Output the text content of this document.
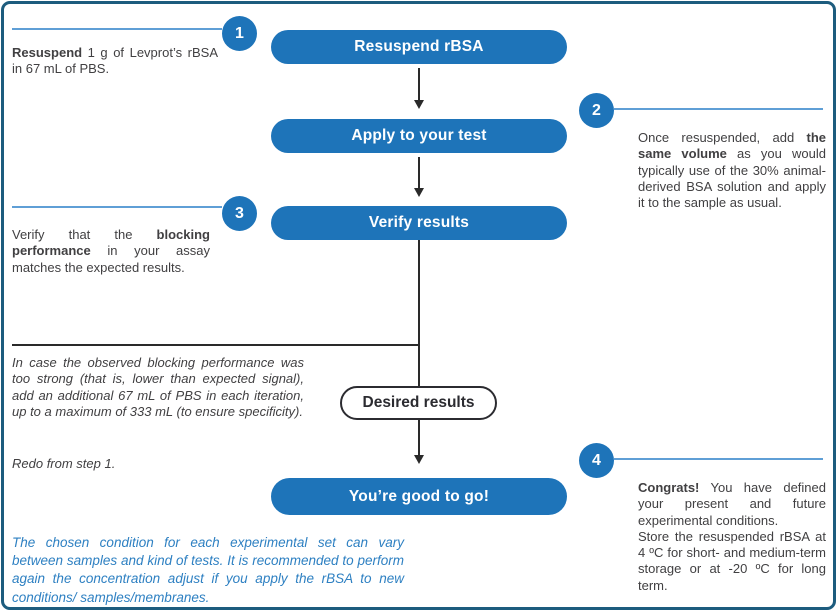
1
Resuspend 1 g of Levprot’s rBSA in 67 mL of PBS.
Resuspend rBSA
Apply to your test
2
Once resuspended, add the same volume as you would typically use of the 30% animal-derived BSA solution and apply it to the sample as usual.
3
Verify that the blocking performance in your assay matches the expected results.
Verify results
In case the observed blocking performance was too strong (that is, lower than expected signal), add an additional 67 mL of PBS in each iteration, up to a maximum of 333 mL (to ensure specificity).
Redo from step 1.
Desired results
You’re good to go!
4
Congrats! You have defined your present and future experimental conditions.
Store the resuspended rBSA at 4 ºC for short- and medium-term storage or at -20 ºC for long term.
The chosen condition for each experimental set can vary between samples and kind of tests. It is recommended to perform again the concentration adjust if you apply the rBSA to new conditions/ samples/membranes.
